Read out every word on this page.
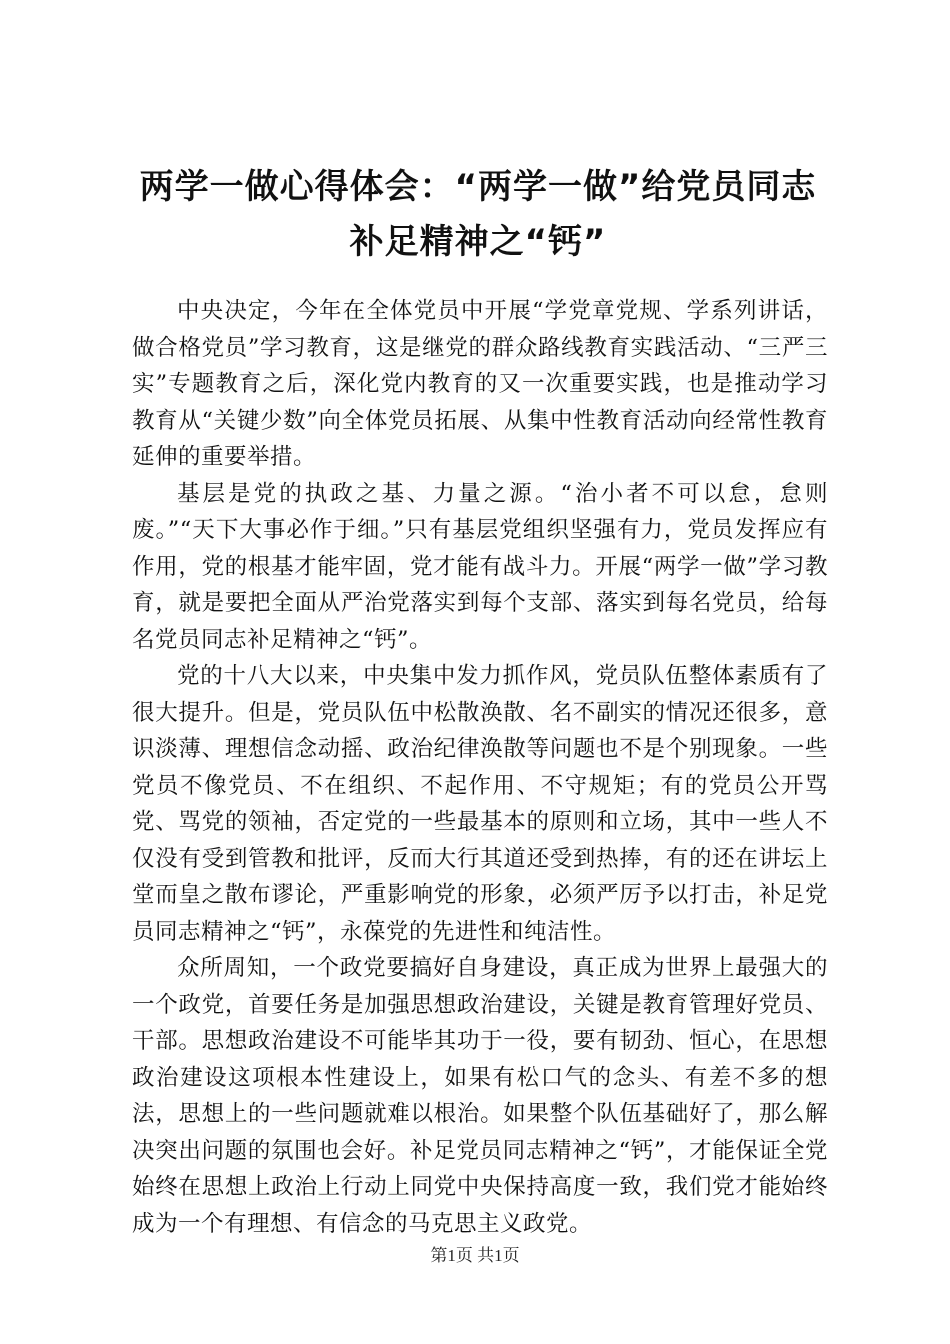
两学一做心得体会：“两学一做”给党员同志补足精神之“钙”

中央决定，今年在全体党员中开展“学党章党规、学系列讲话，做合格党员”学习教育，这是继党的群众路线教育实践活动、“三严三实”专题教育之后，深化党内教育的又一次重要实践，也是推动学习教育从“关键少数”向全体党员拓展、从集中性教育活动向经常性教育延伸的重要举措。

基层是党的执政之基、力量之源。“治小者不可以怠，怠则废。”“天下大事必作于细。”只有基层党组织坚强有力，党员发挥应有作用，党的根基才能牢固，党才能有战斗力。开展“两学一做”学习教育，就是要把全面从严治党落实到每个支部、落实到每名党员，给每名党员同志补足精神之“钙”。

党的十八大以来，中央集中发力抓作风，党员队伍整体素质有了很大提升。但是，党员队伍中松散涣散、名不副实的情况还很多，意识淡薄、理想信念动摇、政治纪律涣散等问题也不是个别现象。一些党员不像党员、不在组织、不起作用、不守规矩；有的党员公开骂党、骂党的领袖，否定党的一些最基本的原则和立场，其中一些人不仅没有受到管教和批评，反而大行其道还受到热捧，有的还在讲坛上堂而皇之散布谬论，严重影响党的形象，必须严厉予以打击，补足党员同志精神之“钙”，永葆党的先进性和纯洁性。

众所周知，一个政党要搞好自身建设，真正成为世界上最强大的一个政党，首要任务是加强思想政治建设，关键是教育管理好党员、干部。思想政治建设不可能毕其功于一役，要有韧劲、恒心，在思想政治建设这项根本性建设上，如果有松口气的念头、有差不多的想法，思想上的一些问题就难以根治。如果整个队伍基础好了，那么解决突出问题的氛围也会好。补足党员同志精神之“钙”，才能保证全党始终在思想上政治上行动上同党中央保持高度一致，我们党才能始终成为一个有理想、有信念的马克思主义政党。

第1页 共1页
